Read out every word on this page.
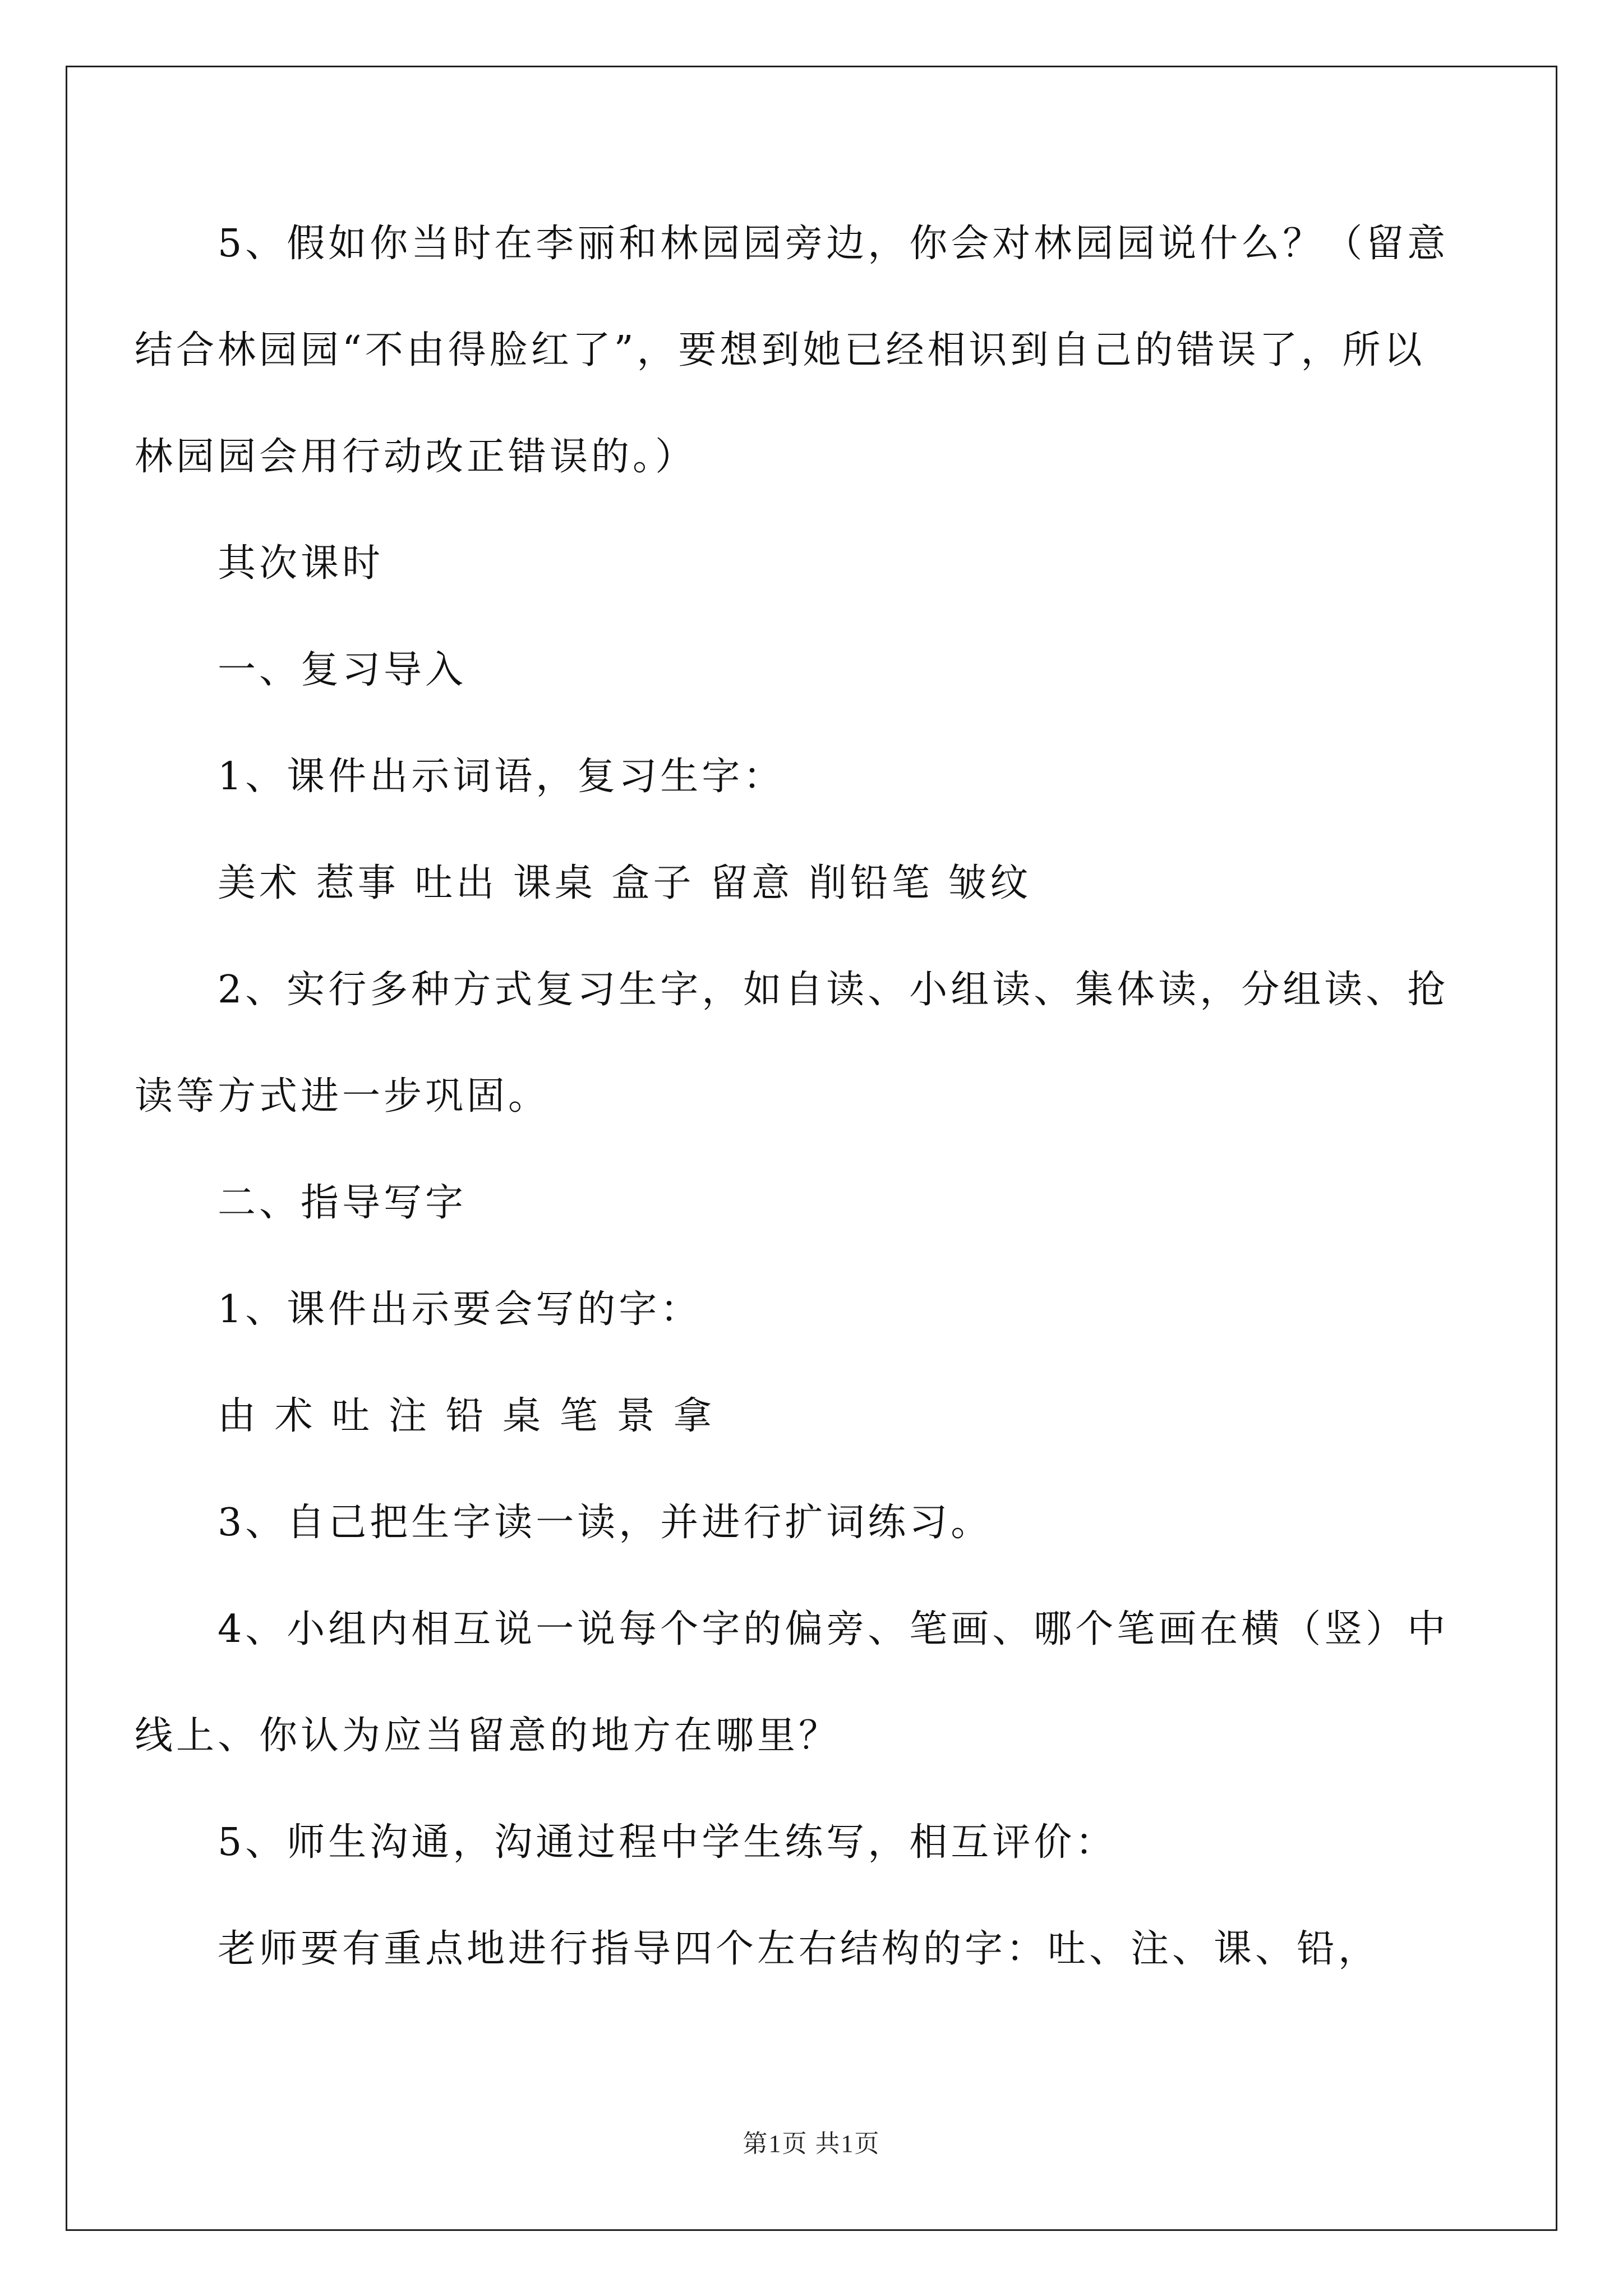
5、假如你当时在李丽和林园园旁边，你会对林园园说什么？（留意结合林园园“不由得脸红了”，要想到她已经相识到自己的错误了，所以林园园会用行动改正错误的。）

其次课时

一、复习导入

1、课件出示词语，复习生字：

美术 惹事 吐出 课桌 盒子 留意 削铅笔 皱纹

2、实行多种方式复习生字，如自读、小组读、集体读，分组读、抢读等方式进一步巩固。

二、指导写字

1、课件出示要会写的字：

由 术 吐 注 铅 桌 笔 景 拿

3、自己把生字读一读，并进行扩词练习。

4、小组内相互说一说每个字的偏旁、笔画、哪个笔画在横（竖）中线上、你认为应当留意的地方在哪里？

5、师生沟通，沟通过程中学生练写，相互评价：

老师要有重点地进行指导四个左右结构的字：吐、注、课、铅，

第1页 共1页
